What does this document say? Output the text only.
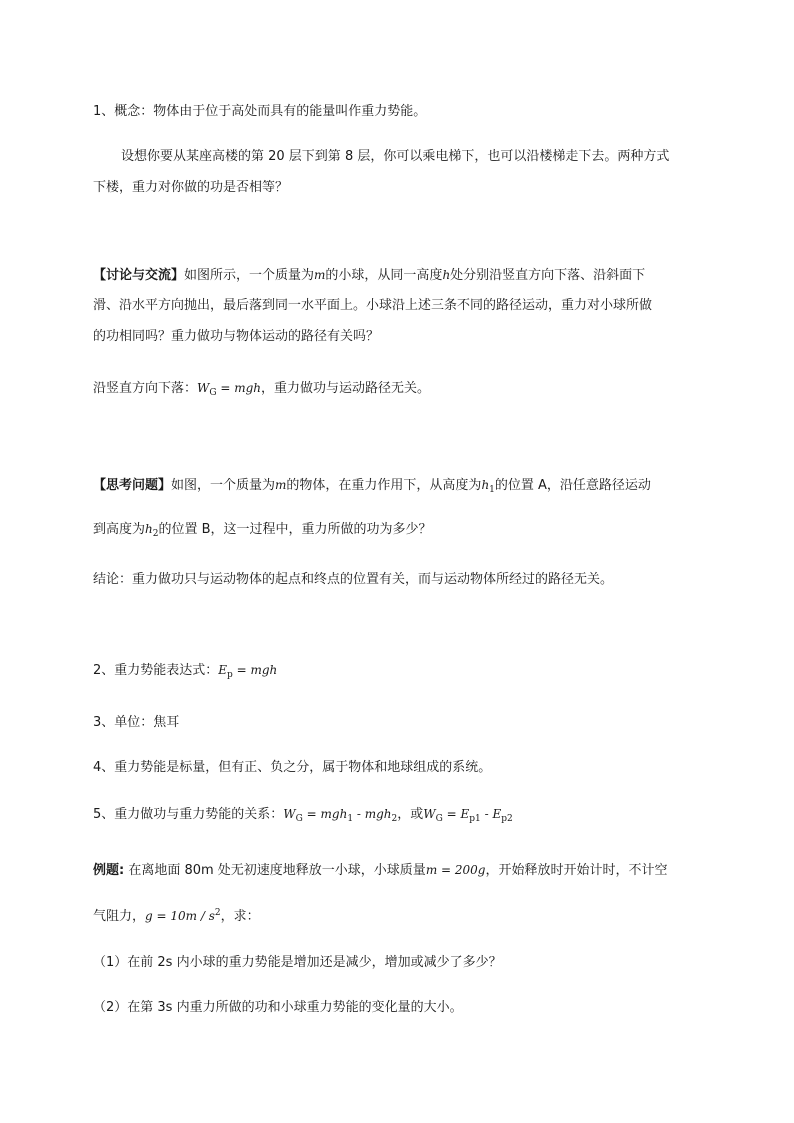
1、概念：物体由于位于高处而具有的能量叫作重力势能。
设想你要从某座高楼的第 20 层下到第 8 层，你可以乘电梯下，也可以沿楼梯走下去。两种方式
下楼，重力对你做的功是否相等？
【讨论与交流】如图所示，一个质量为m的小球，从同一高度h处分别沿竖直方向下落、沿斜面下
滑、沿水平方向抛出，最后落到同一水平面上。小球沿上述三条不同的路径运动，重力对小球所做
的功相同吗？重力做功与物体运动的路径有关吗？
沿竖直方向下落：$W_G$ = mgh，重力做功与运动路径无关。
【思考问题】如图，一个质量为m的物体，在重力作用下，从高度为$h_1$的位置 A，沿任意路径运动
到高度为$h_2$的位置 B，这一过程中，重力所做的功为多少？
结论：重力做功只与运动物体的起点和终点的位置有关，而与运动物体所经过的路径无关。
2、重力势能表达式：$E_p$ = mgh
3、单位：焦耳
4、重力势能是标量，但有正、负之分，属于物体和地球组成的系统。
5、重力做功与重力势能的关系：$W_G = mgh_1 - mgh_2$，或$W_G = E_{p1} - E_{p2}$
例题: 在离地面 80m 处无初速度地释放一小球，小球质量m = 200g，开始释放时开始计时，不计空
气阻力，$g = 10m / s^2$，求：
（1）在前 2s 内小球的重力势能是增加还是减少，增加或减少了多少？
（2）在第 3s 内重力所做的功和小球重力势能的变化量的大小。
